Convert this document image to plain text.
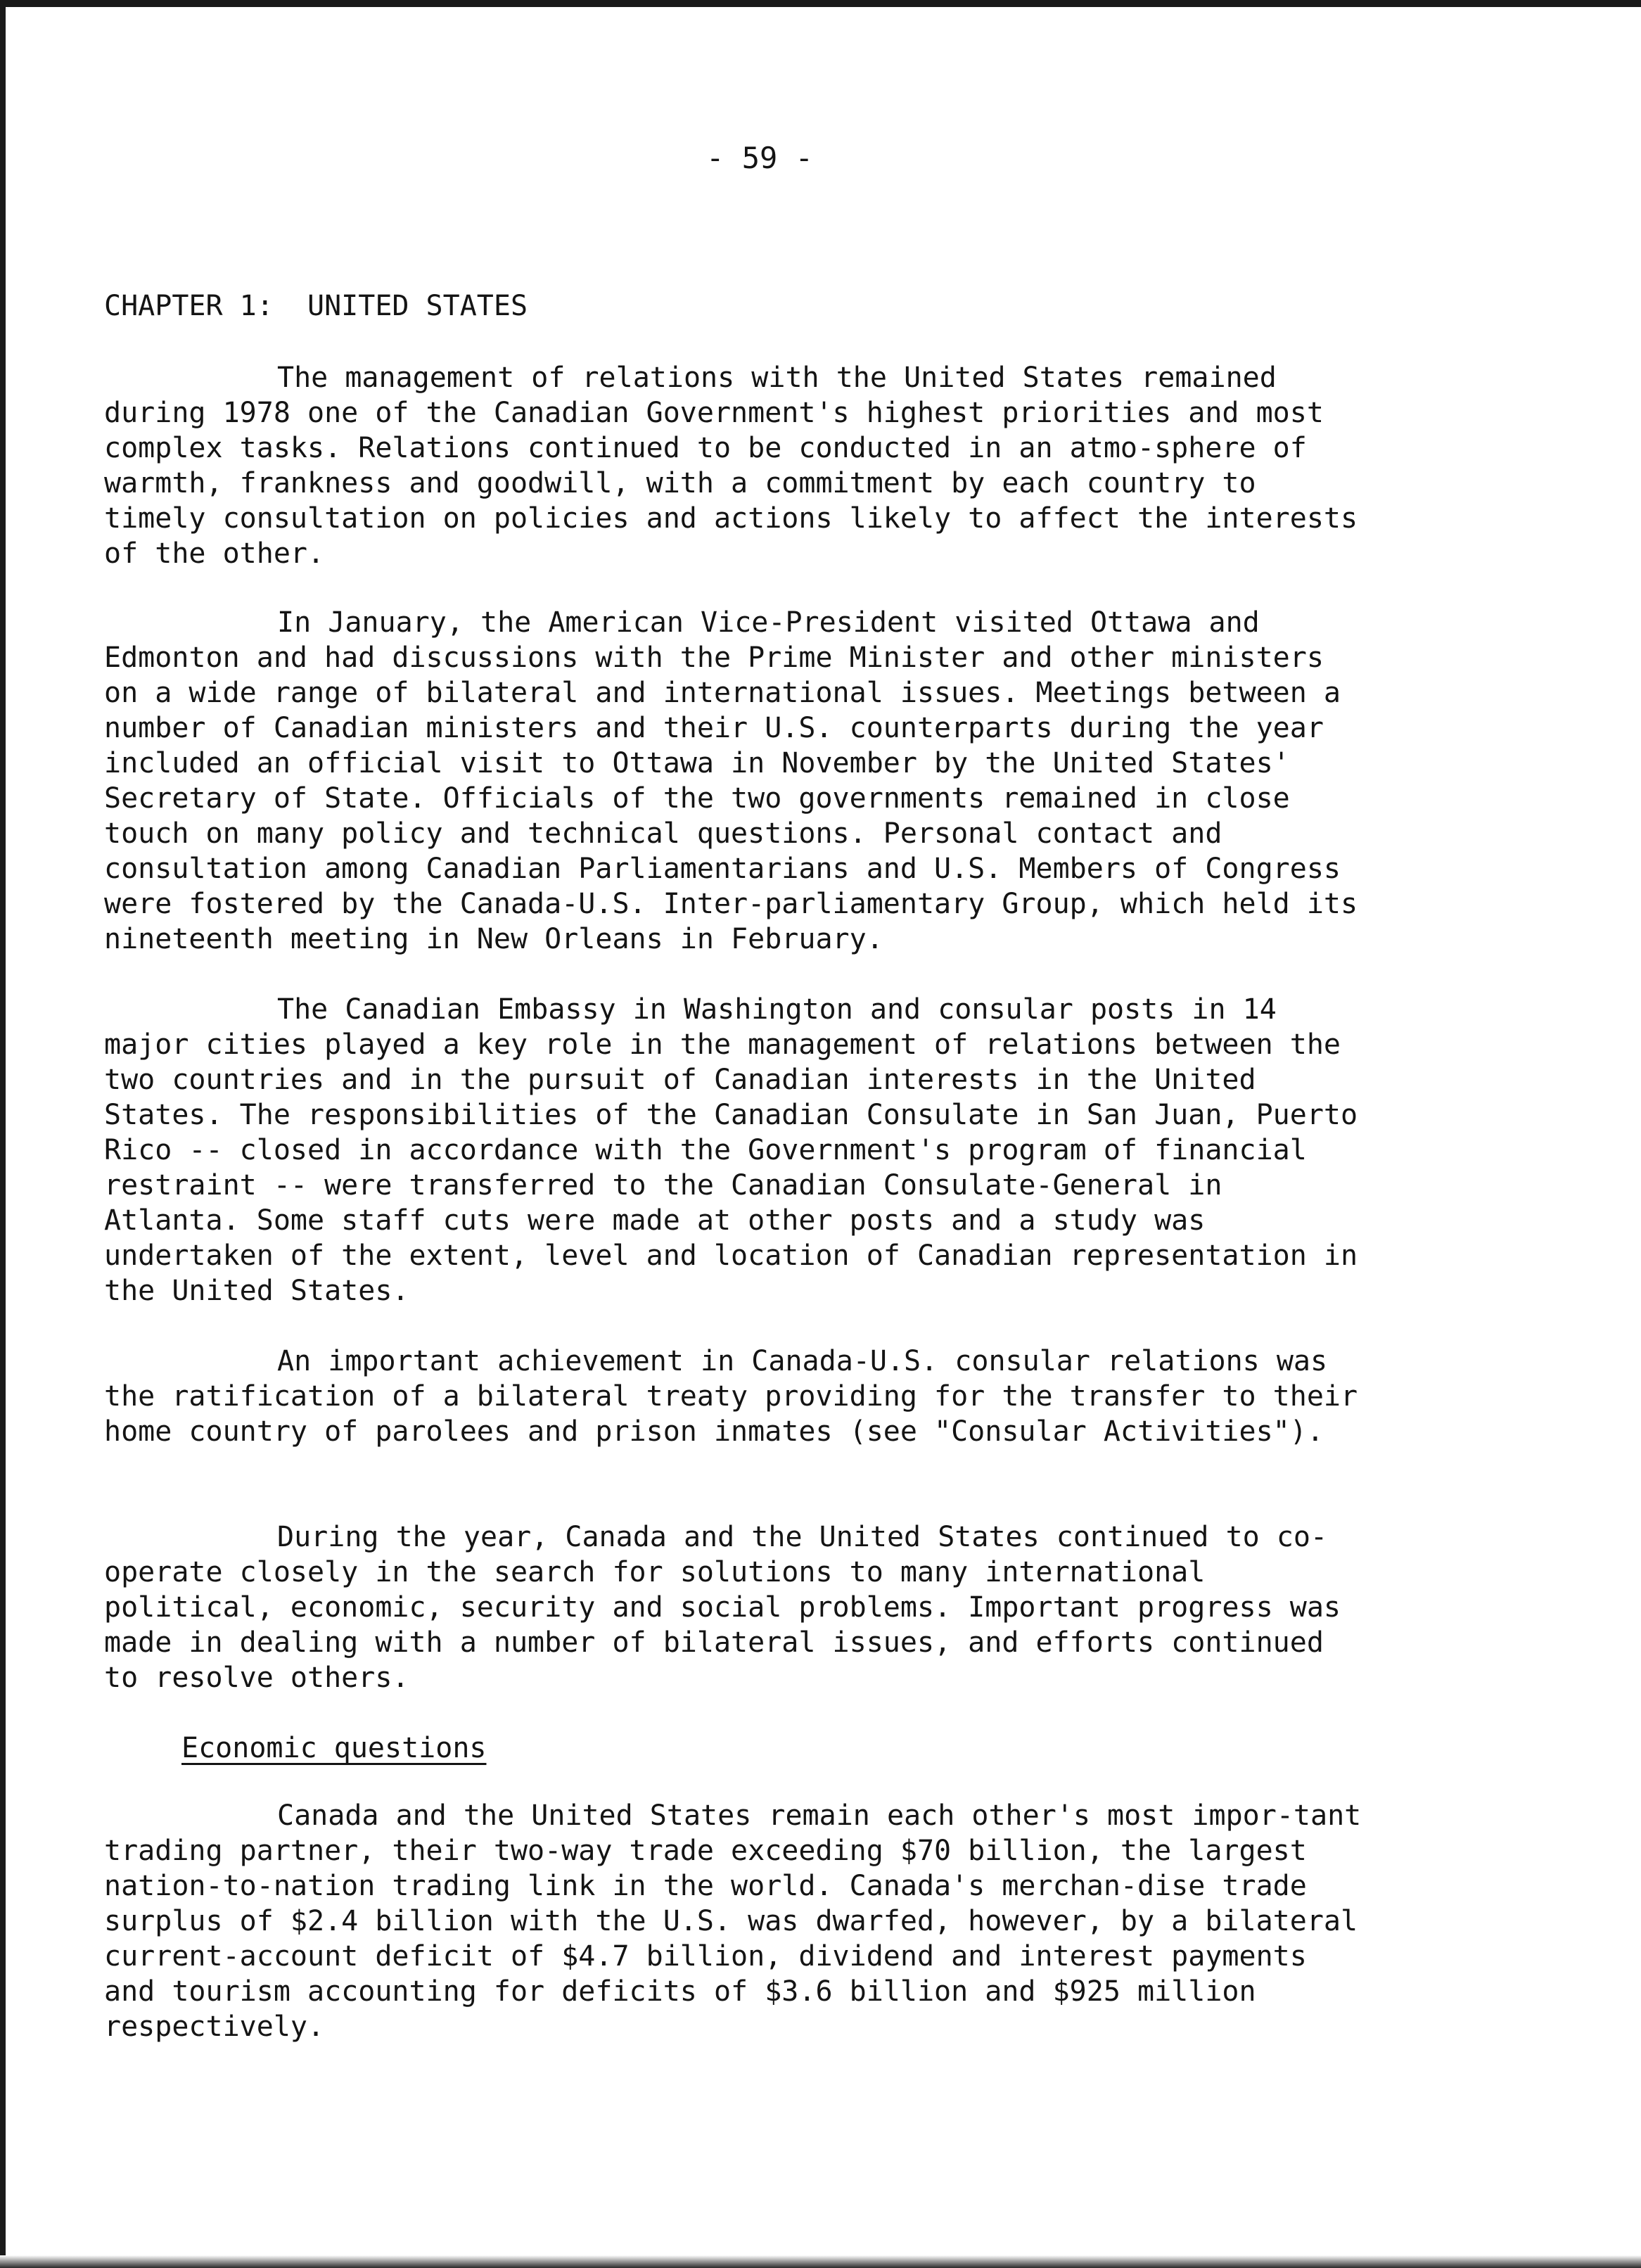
- 59 -
CHAPTER 1:  UNITED STATES

The management of relations with the United States remained during 1978 one of the Canadian Government's highest priorities and most complex tasks. Relations continued to be conducted in an atmo-sphere of warmth, frankness and goodwill, with a commitment by each country to timely consultation on policies and actions likely to affect the interests of the other.

In January, the American Vice-President visited Ottawa and Edmonton and had discussions with the Prime Minister and other ministers on a wide range of bilateral and international issues. Meetings between a number of Canadian ministers and their U.S. counterparts during the year included an official visit to Ottawa in November by the United States' Secretary of State. Officials of the two governments remained in close touch on many policy and technical questions. Personal contact and consultation among Canadian Parliamentarians and U.S. Members of Congress were fostered by the Canada-U.S. Inter-parliamentary Group, which held its nineteenth meeting in New Orleans in February.

The Canadian Embassy in Washington and consular posts in 14 major cities played a key role in the management of relations between the two countries and in the pursuit of Canadian interests in the United States. The responsibilities of the Canadian Consulate in San Juan, Puerto Rico -- closed in accordance with the Government's program of financial restraint -- were transferred to the Canadian Consulate-General in Atlanta. Some staff cuts were made at other posts and a study was undertaken of the extent, level and location of Canadian representation in the United States.

An important achievement in Canada-U.S. consular relations was the ratification of a bilateral treaty providing for the transfer to their home country of parolees and prison inmates (see "Consular Activities").

During the year, Canada and the United States continued to co-operate closely in the search for solutions to many international political, economic, security and social problems. Important progress was made in dealing with a number of bilateral issues, and efforts continued to resolve others.

Economic questions

Canada and the United States remain each other's most impor-tant trading partner, their two-way trade exceeding $70 billion, the largest nation-to-nation trading link in the world. Canada's merchan-dise trade surplus of $2.4 billion with the U.S. was dwarfed, however, by a bilateral current-account deficit of $4.7 billion, dividend and interest payments and tourism accounting for deficits of $3.6 billion and $925 million respectively.
